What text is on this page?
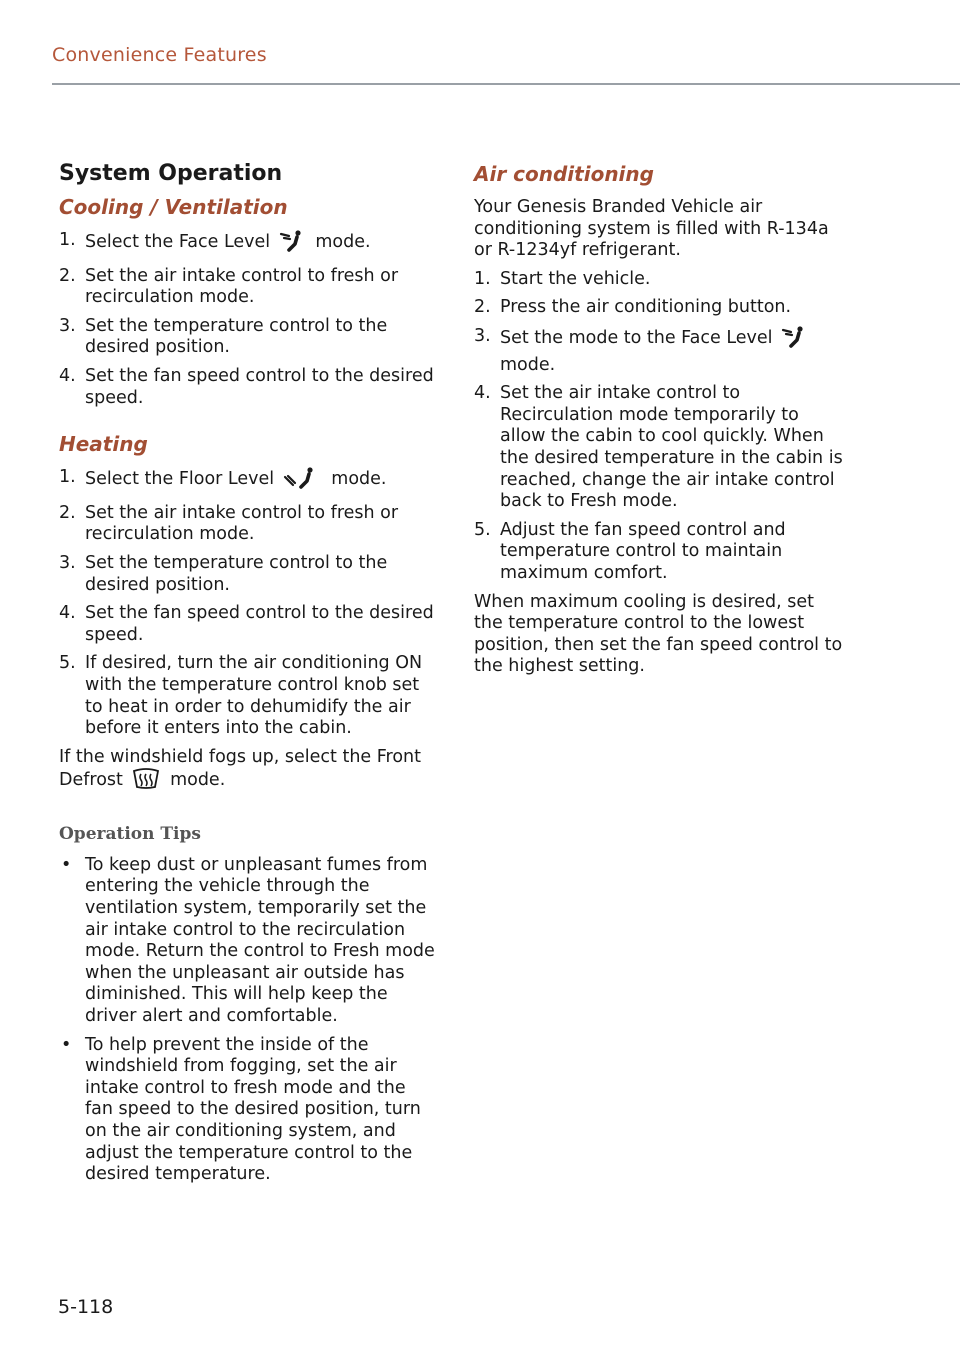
Convenience Features
System Operation
Cooling / Ventilation
1. Select the Face Level	mode.
2. Set the air intake control to fresh or recirculation mode.
3. Set the temperature control to the desired position.
4. Set the fan speed control to the desired speed.
Heating
1. Select the Floor Level	mode.
2. Set the air intake control to fresh or recirculation mode.
3. Set the temperature control to the desired position.
4. Set the fan speed control to the desired speed.
5. If desired, turn the air conditioning ON with the temperature control knob set to heat in order to dehumidify the air before it enters into the cabin.

If the windshield fogs up, select the Front Defrost	mode.

Operation Tips
• To keep dust or unpleasant fumes from entering the vehicle through the ventilation system, temporarily set the air intake control to the recirculation mode. Return the control to Fresh mode when the unpleasant air outside has diminished. This will help keep the driver alert and comfortable.
• To help prevent the inside of the windshield from fogging, set the air intake control to fresh mode and the fan speed to the desired position, turn on the air conditioning system, and adjust the temperature control to the desired temperature.
Air conditioning

Your Genesis Branded Vehicle air conditioning system is filled with R-134a or R-1234yf refrigerant.

1. Start the vehicle.
2. Press the air conditioning button.
3. Set the mode to the Face Level  mode.
4. Set the air intake control to Recirculation mode temporarily to allow the cabin to cool quickly. When the desired temperature in the cabin is reached, change the air intake control back to Fresh mode.
5. Adjust the fan speed control and temperature control to maintain maximum comfort.

When maximum cooling is desired, set the temperature control to the lowest position, then set the fan speed control to the highest setting.

5-118
